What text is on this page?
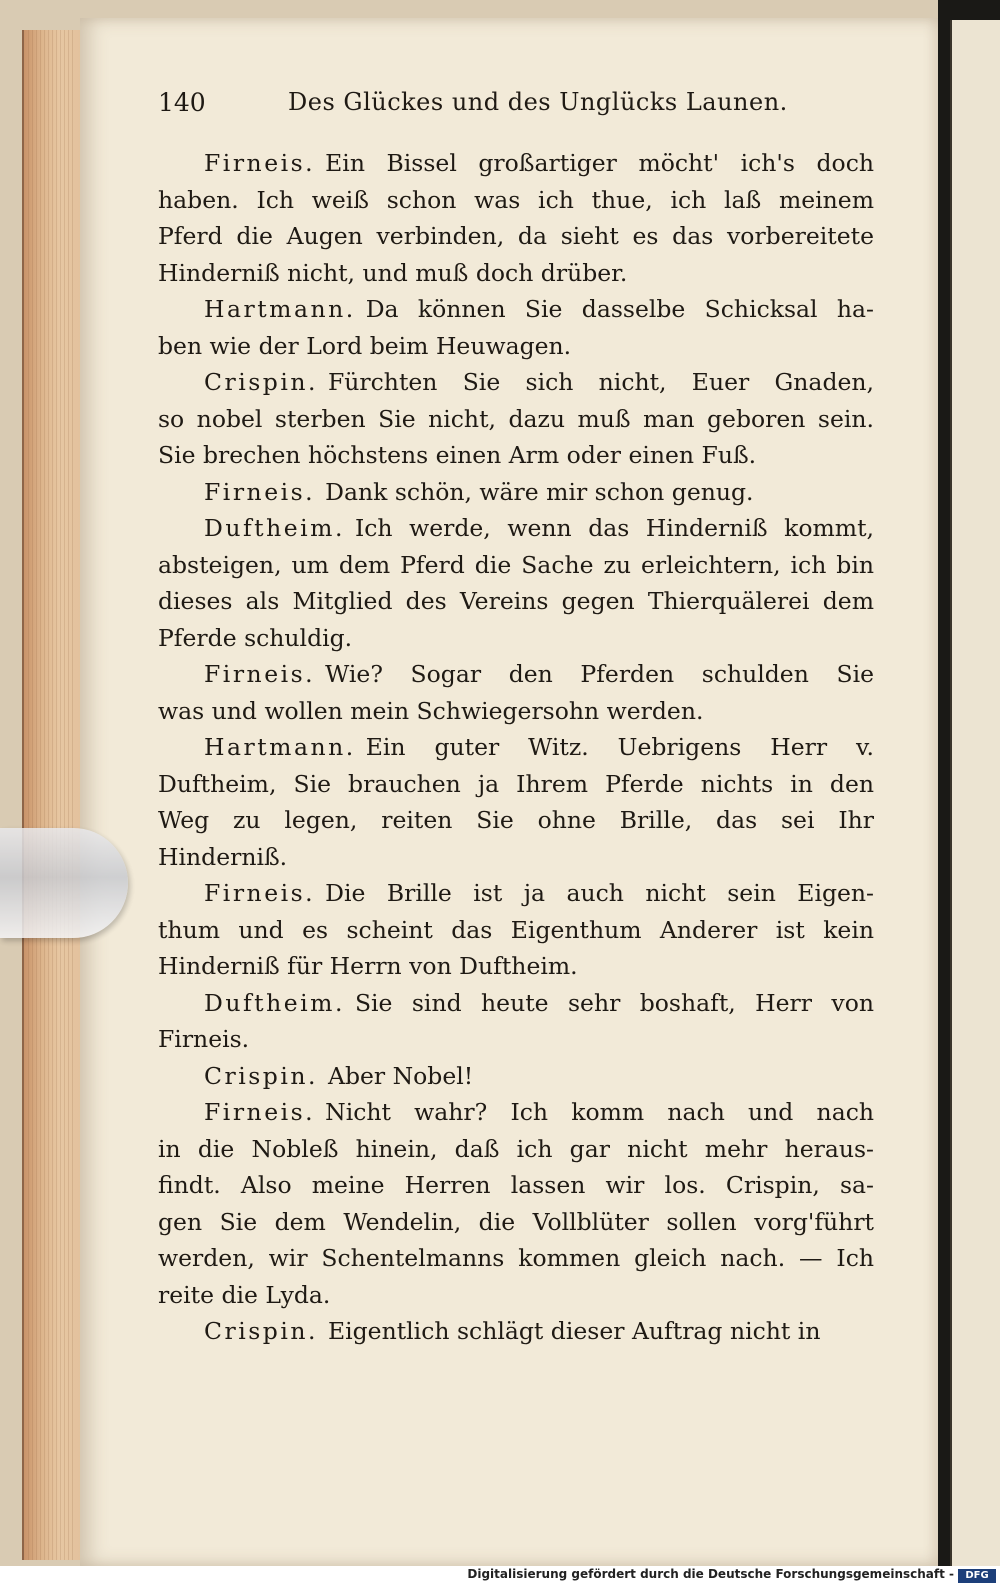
140	Des Glückes und des Unglücks Launen.
Firneis. Ein Bissel großartiger möcht' ich's doch
haben. Ich weiß schon was ich thue, ich laß meinem
Pferd die Augen verbinden, da sieht es das vorbereitete
Hinderniß nicht, und muß doch drüber.
Hartmann. Da können Sie dasselbe Schicksal ha-
ben wie der Lord beim Heuwagen.
Crispin. Fürchten Sie sich nicht, Euer Gnaden,
so nobel sterben Sie nicht, dazu muß man geboren sein.
Sie brechen höchstens einen Arm oder einen Fuß.
Firneis. Dank schön, wäre mir schon genug.
Duftheim. Ich werde, wenn das Hinderniß kommt,
absteigen, um dem Pferd die Sache zu erleichtern, ich bin
dieses als Mitglied des Vereins gegen Thierquälerei dem
Pferde schuldig.
Firneis. Wie? Sogar den Pferden schulden Sie
was und wollen mein Schwiegersohn werden.
Hartmann. Ein guter Witz. Uebrigens Herr v.
Duftheim, Sie brauchen ja Ihrem Pferde nichts in den
Weg zu legen, reiten Sie ohne Brille, das sei Ihr
Hinderniß.
Firneis. Die Brille ist ja auch nicht sein Eigen-
thum und es scheint das Eigenthum Anderer ist kein
Hinderniß für Herrn von Duftheim.
Duftheim. Sie sind heute sehr boshaft, Herr von
Firneis.
Crispin. Aber Nobel!
Firneis. Nicht wahr? Ich komm nach und nach
in die Nobleß hinein, daß ich gar nicht mehr heraus-
findt. Also meine Herren lassen wir los. Crispin, sa-
gen Sie dem Wendelin, die Vollblüter sollen vorg'führt
werden, wir Schentelmanns kommen gleich nach. — Ich
reite die Lyda.
Crispin. Eigentlich schlägt dieser Auftrag nicht in
Digitalisierung gefördert durch die Deutsche Forschungsgemeinschaft -	DFG
